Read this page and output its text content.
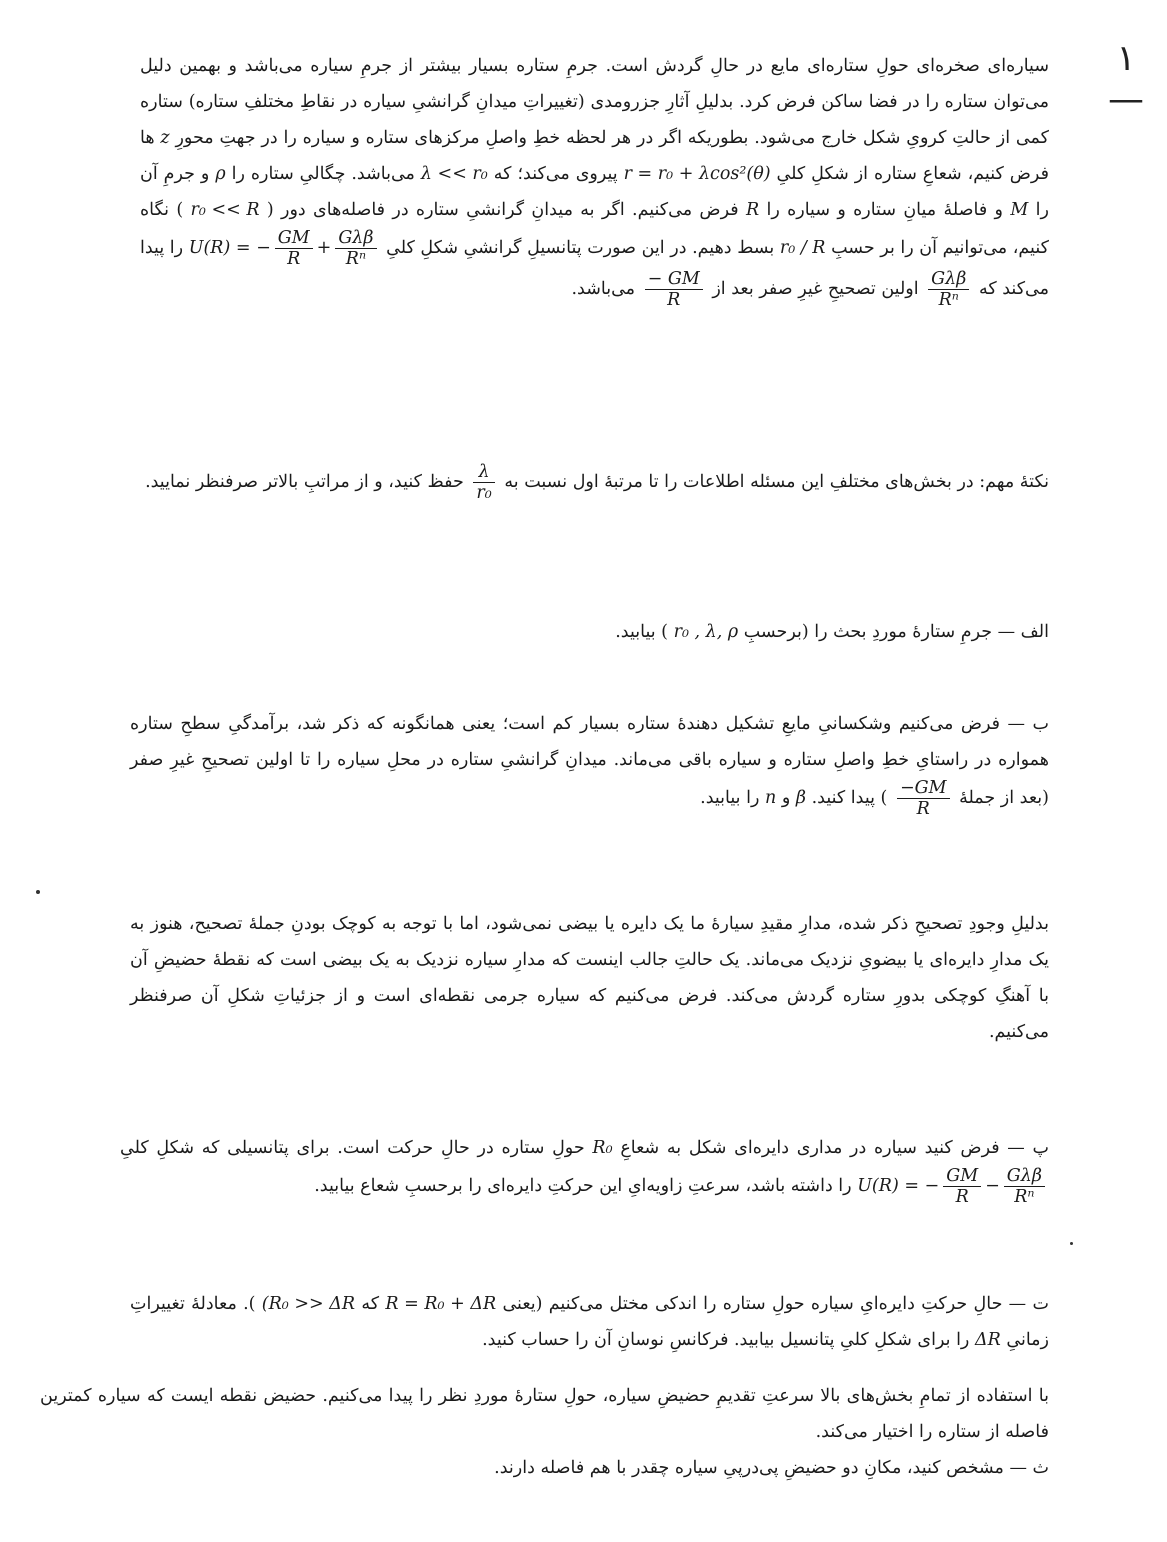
١ —

سیاره‌ای صخره‌ای حولِ ستاره‌ای مایع در حالِ گردش است. جرمِ ستاره بسیار بیشتر از جرمِ سیاره می‌باشد و بهمین دلیل می‌توان ستاره را در فضا ساکن فرض کرد. بدلیلِ آثارِ جزرومدی (تغییراتِ میدانِ گرانشیِ سیاره در نقاطِ مختلفِ ستاره) ستاره کمی از حالتِ کرویِ شکل خارج می‌شود. بطوریکه اگر در هر لحظه خطِ واصلِ مرکزهای ستاره و سیاره را در جهتِ محورِ z ها فرض کنیم، شعاعِ ستاره از شکلِ کلیِ r = r₀ + λcos²(θ) پیروی می‌کند؛ که λ << r₀ می‌باشد. چگالیِ ستاره را ρ و جرمِ آن را M و فاصلهٔ میانِ ستاره و سیاره را R فرض می‌کنیم. اگر به میدانِ گرانشیِ ستاره در فاصله‌های دور ( r₀ << R ) نگاه کنیم، می‌توانیم آن را بر حسبِ r₀ / R بسط دهیم. در این صورت پتانسیلِ گرانشیِ شکلِ کلیِ U(R) = − $\frac{GM}{R} + \frac{\text{Gλβ}}{\text{Rⁿ}}$
را پیدا می‌کند که
$\frac{\text{Gλβ}}{\text{Rⁿ}}$
اولین تصحیحِ غیرِ صفر بعد از
$\frac{- GM}{R}$
می‌باشد.

نکتهٔ مهم: در بخش‌های مختلفِ این مسئله اطلاعات را تا مرتبهٔ اول نسبت به
$\frac{\lambda}{\text{r₀}}$
حفظ کنید، و از مراتبِ بالاتر صرفنظر نمایید.

الف — جرمِ ستارهٔ موردِ بحث را (برحسبِ r₀ , λ, ρ ) بیابید.

ب — فرض می‌کنیم وشکسانیِ مایعِ تشکیل دهندهٔ ستاره بسیار کم است؛ یعنی همانگونه که ذکر شد، برآمدگیِ سطحِ ستاره همواره در راستایِ خطِ واصلِ ستاره و سیاره باقی می‌ماند. میدانِ گرانشیِ ستاره در محلِ سیاره را تا اولین تصحیحِ غیرِ صفر (بعد از جملهٔ
$\frac{-GM}{R}$
) پیدا کنید. β و n را بیابید.

بدلیلِ وجودِ تصحیحِ ذکر شده، مدارِ مقیدِ سیارهٔ ما یک دایره یا بیضی نمی‌شود، اما با توجه به کوچک بودنِ جملهٔ تصحیح، هنوز به یک مدارِ دایره‌ای یا بیضویِ نزدیک می‌ماند. یک حالتِ جالب اینست که مدارِ سیاره نزدیک به یک بیضی است که نقطهٔ حضیضِ آن با آهنگِ کوچکی بدورِ ستاره گردش می‌کند. فرض می‌کنیم که سیاره جرمی نقطه‌ای است و از جزئیاتِ شکلِ آن صرفنظر می‌کنیم.

پ — فرض کنید سیاره در مداری دایره‌ای شکل به شعاعِ R₀ حولِ ستاره در حالِ حرکت است. برای پتانسیلی که شکلِ کلیِ U(R) = − $\frac{GM}{R} - \frac{\text{Gλβ}}{\text{Rⁿ}}$
را داشته باشد، سرعتِ زاویه‌ایِ این حرکتِ دایره‌ای را برحسبِ شعاع بیابید.

ت — حالِ حرکتِ دایره‌ایِ سیاره حولِ ستاره را اندکی مختل می‌کنیم (یعنی R = R₀ + ΔR که (R₀ >> ΔR ). معادلهٔ تغییراتِ زمانیِ ΔR را برای شکلِ کلیِ پتانسیل بیابید. فرکانسِ نوسانِ آن را حساب کنید.

با استفاده از تمامِ بخش‌های بالا سرعتِ تقدیمِ حضیضِ سیاره، حولِ ستارهٔ موردِ نظر را پیدا می‌کنیم. حضیض نقطه ایست که سیاره کمترین فاصله از ستاره را اختیار می‌کند.

ث — مشخص کنید، مکانِ دو حضیضِ پی‌درپیِ سیاره چقدر با هم فاصله دارند.
